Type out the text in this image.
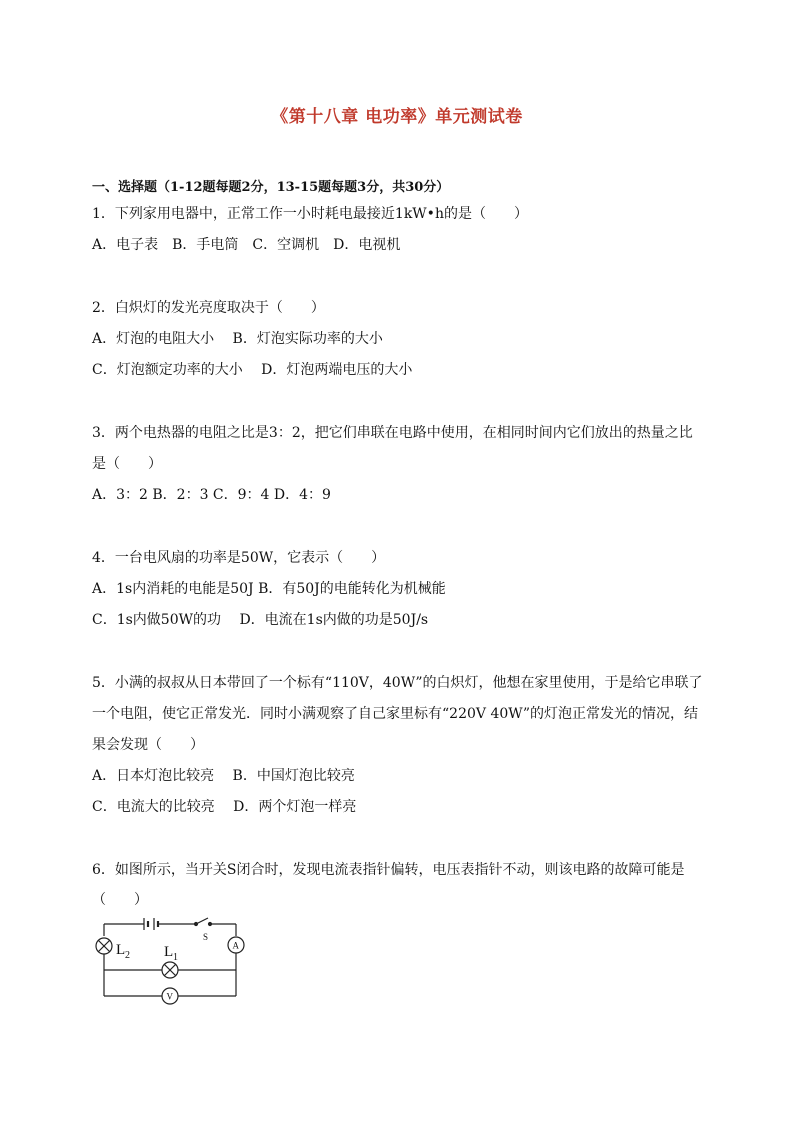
《第十八章 电功率》单元测试卷
一、选择题（1-12题每题2分，13-15题每题3分，共30分）
1．下列家用电器中，正常工作一小时耗电最接近1kW•h的是（　　）
A．电子表　B．手电筒　C．空调机　D．电视机
2．白炽灯的发光亮度取决于（　　）
A．灯泡的电阻大小　 B．灯泡实际功率的大小
C．灯泡额定功率的大小　 D．灯泡两端电压的大小
3．两个电热器的电阻之比是3：2，把它们串联在电路中使用，在相同时间内它们放出的热量之比
是（　　）
A．3：2 B．2：3 C．9：4 D．4：9
4．一台电风扇的功率是50W，它表示（　　）
A．1s内消耗的电能是50J B．有50J的电能转化为机械能
C．1s内做50W的功　 D．电流在1s内做的功是50J/s
5．小满的叔叔从日本带回了一个标有“110V，40W”的白炽灯，他想在家里使用，于是给它串联了
一个电阻，使它正常发光．同时小满观察了自己家里标有“220V 40W”的灯泡正常发光的情况，结
果会发现（　　）
A．日本灯泡比较亮　 B．中国灯泡比较亮
C．电流大的比较亮　 D．两个灯泡一样亮
6．如图所示，当开关S闭合时，发现电流表指针偏转，电压表指针不动，则该电路的故障可能是
（　　）
S
L 2 L 1
A
V
